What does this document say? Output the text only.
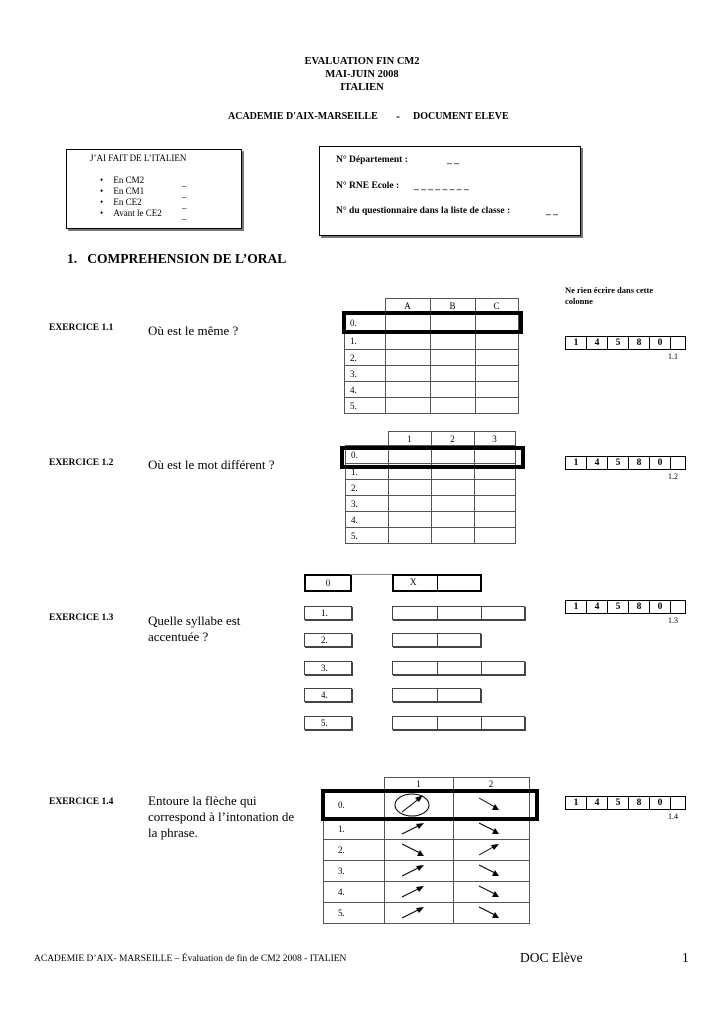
EVALUATION FIN CM2
MAI-JUIN 2008
ITALIEN
ACADEMIE D'AIX-MARSEILLE - DOCUMENT ELEVE
J’AI FAIT DE L’ITALIEN
• En CM2
• En CM1
• En CE2
• Avant le CE2
_
_
_
_
N° Département :	_ _
N° RNE Ecole : _ _ _ _ _ _ _ _
N° du questionnaire dans la liste de classe :	_ _
1.   COMPREHENSION DE L’ORAL
Ne rien écrire dans cette colonne
EXERCICE 1.1	Où est le même ?
	A	B	C
0.			
1.			
2.			
3.			
4.			
5.			
1	4	5	8	0	
1.1
EXERCICE 1.2	Où est le mot différent ?
	1	2	3
0.			
1.			
2.			
3.			
4.			
5.			
1	4	5	8	0	
1.2
EXERCICE 1.3	Quelle syllabe est accentuée ?
0	X
1.
2.
3.
4.
5.
1	4	5	8	0	
1.3
EXERCICE 1.4	Entoure la flèche qui correspond à l’intonation de la phrase.
	1	2
0.	

1.	

2.	

3.	

4.	

5.	

1	4	5	8	0	
1.4
ACADEMIE D’AIX- MARSEILLE – Évaluation de fin de CM2 2008 - ITALIEN	DOC Elève	1
